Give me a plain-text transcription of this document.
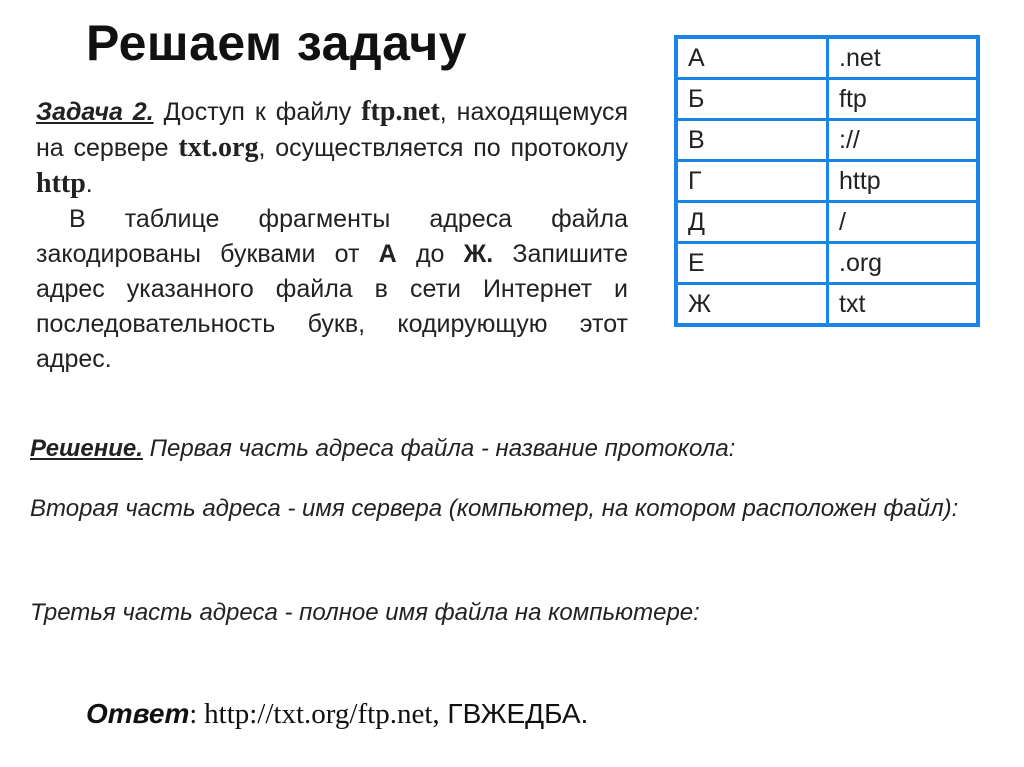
Решаем задачу

Задача 2. Доступ к файлу ftp.net, находящемуся на сервере txt.org, осуществляется по протоколу http.

В таблице фрагменты адреса файла закодированы буквами от А до Ж. Запишите адрес указанного файла в сети Интернет и последовательность букв, кодирующую этот адрес.

А	.net
Б	ftp
В	://
Г	http
Д	/
Е	.org
Ж	txt
Решение. Первая часть адреса файла - название протокола:
Вторая часть адреса - имя сервера (компьютер, на котором расположен файл):
Третья часть адреса - полное имя файла на компьютере:
Ответ: http://txt.org/ftp.net, ГВЖЕДБА.
